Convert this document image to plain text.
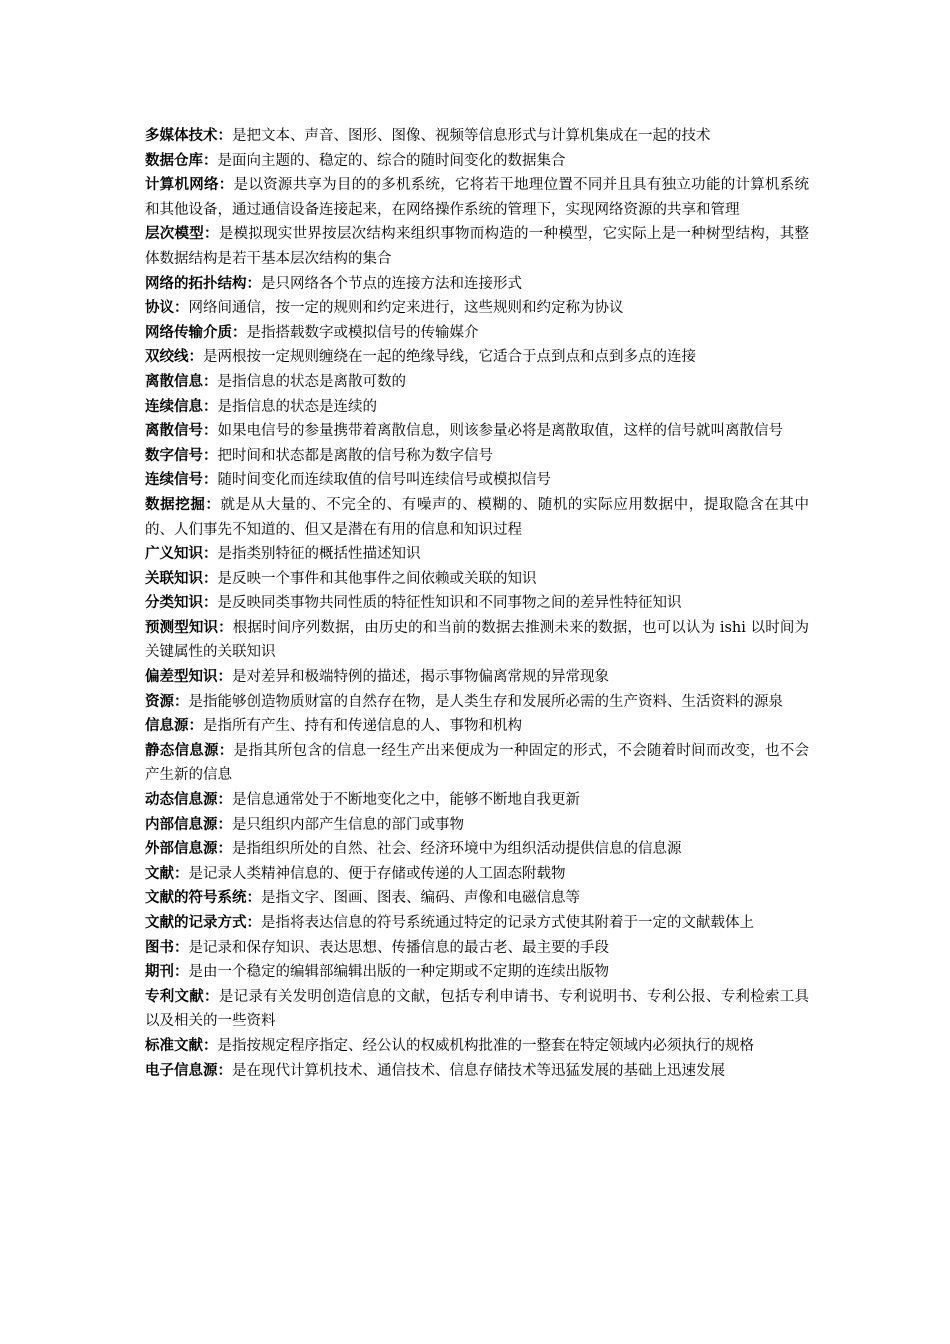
多媒体技术：是把文本、声音、图形、图像、视频等信息形式与计算机集成在一起的技术

数据仓库：是面向主题的、稳定的、综合的随时间变化的数据集合

计算机网络：是以资源共享为目的的多机系统，它将若干地理位置不同并且具有独立功能的计算机系统和其他设备，通过通信设备连接起来，在网络操作系统的管理下，实现网络资源的共享和管理

层次模型：是模拟现实世界按层次结构来组织事物而构造的一种模型，它实际上是一种树型结构，其整体数据结构是若干基本层次结构的集合

网络的拓扑结构：是只网络各个节点的连接方法和连接形式

协议：网络间通信，按一定的规则和约定来进行，这些规则和约定称为协议

网络传输介质：是指搭载数字或模拟信号的传输媒介

双绞线：是两根按一定规则缠绕在一起的绝缘导线，它适合于点到点和点到多点的连接

离散信息：是指信息的状态是离散可数的

连续信息：是指信息的状态是连续的

离散信号：如果电信号的参量携带着离散信息，则该参量必将是离散取值，这样的信号就叫离散信号

数字信号：把时间和状态都是离散的信号称为数字信号

连续信号：随时间变化而连续取值的信号叫连续信号或模拟信号

数据挖掘：就是从大量的、不完全的、有噪声的、模糊的、随机的实际应用数据中，提取隐含在其中的、人们事先不知道的、但又是潜在有用的信息和知识过程

广义知识：是指类别特征的概括性描述知识

关联知识：是反映一个事件和其他事件之间依赖或关联的知识

分类知识：是反映同类事物共同性质的特征性知识和不同事物之间的差异性特征知识

预测型知识：根据时间序列数据，由历史的和当前的数据去推测未来的数据，也可以认为 ishi 以时间为关键属性的关联知识

偏差型知识：是对差异和极端特例的描述，揭示事物偏离常规的异常现象

资源：是指能够创造物质财富的自然存在物，是人类生存和发展所必需的生产资料、生活资料的源泉

信息源：是指所有产生、持有和传递信息的人、事物和机构

静态信息源：是指其所包含的信息一经生产出来便成为一种固定的形式，不会随着时间而改变，也不会产生新的信息

动态信息源：是信息通常处于不断地变化之中，能够不断地自我更新

内部信息源：是只组织内部产生信息的部门或事物

外部信息源：是指组织所处的自然、社会、经济环境中为组织活动提供信息的信息源

文献：是记录人类精神信息的、便于存储或传递的人工固态附载物

文献的符号系统：是指文字、图画、图表、编码、声像和电磁信息等

文献的记录方式：是指将表达信息的符号系统通过特定的记录方式使其附着于一定的文献载体上

图书：是记录和保存知识、表达思想、传播信息的最古老、最主要的手段

期刊：是由一个稳定的编辑部编辑出版的一种定期或不定期的连续出版物

专利文献：是记录有关发明创造信息的文献，包括专利申请书、专利说明书、专利公报、专利检索工具以及相关的一些资料

标准文献：是指按规定程序指定、经公认的权威机构批准的一整套在特定领域内必须执行的规格

电子信息源：是在现代计算机技术、通信技术、信息存储技术等迅猛发展的基础上迅速发展
